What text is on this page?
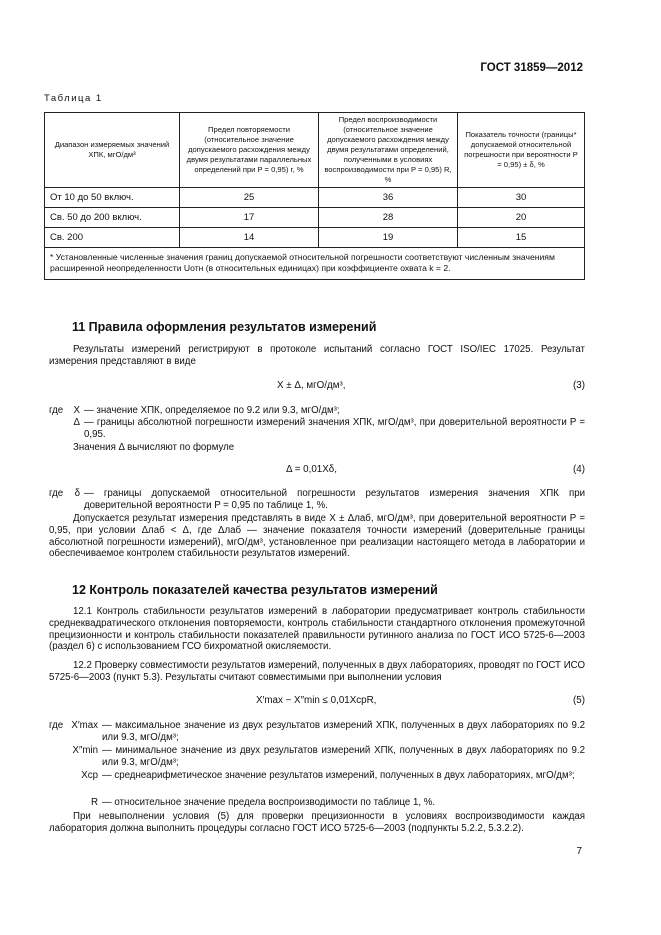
ГОСТ 31859—2012
Таблица 1
Диапазон измеряемых значений ХПК, мгО/дм³	Предел повторяемости (относительное значение допускаемого расхождения между двумя результатами параллельных определений при P = 0,95) r, %	Предел воспроизводимости (относительное значение допускаемого расхождения между двумя результатами определений, полученными в условиях воспроизводимости при P = 0,95) R, %	Показатель точности (границы* допускаемой относительной погрешности при вероятности P = 0,95) ± δ, %
От 10 до 50 включ.	25	36	30
Св. 50 до 200 включ.	17	28	20
Св. 200	14	19	15
* Установленные численные значения границ допускаемой относительной погрешности соответствуют численным значениям расширенной неопределенности Uотн (в относительных единицах) при коэффициенте охвата k = 2.			
11 Правила оформления результатов измерений
Результаты измерений регистрируют в протоколе испытаний согласно ГОСТ ISO/IEC 17025. Результат измерения представляют в виде
X ± Δ, мгО/дм³,	(3)
где	X — значение ХПК, определяемое по 9.2 или 9.3, мгО/дм³;
Δ — границы абсолютной погрешности измерений значения ХПК, мгО/дм³, при доверительной вероятности P = 0,95.
Значения Δ вычисляют по формуле
Δ = 0,01Xδ,	(4)
где	δ — границы допускаемой относительной погрешности результатов измерения значения ХПК при доверительной вероятности P = 0,95 по таблице 1, %.
Допускается результат измерения представлять в виде X ± Δлаб, мгО/дм³, при доверительной вероятности P = 0,95, при условии Δлаб < Δ, где Δлаб — значение показателя точности измерений (доверительные границы абсолютной погрешности измерений), мгО/дм³, установленное при реализации настоящего метода в лаборатории и обеспечиваемое контролем стабильности результатов измерений.
12 Контроль показателей качества результатов измерений
12.1 Контроль стабильности результатов измерений в лаборатории предусматривает контроль стабильности среднеквадратического отклонения повторяемости, контроль стабильности стандартного отклонения промежуточной прецизионности и контроль стабильности показателей правильности рутинного анализа по ГОСТ ИСО 5725-6—2003 (раздел 6) с использованием ГСО бихроматной окисляемости.
12.2 Проверку совместимости результатов измерений, полученных в двух лабораториях, проводят по ГОСТ ИСО 5725-6—2003 (пункт 5.3). Результаты считают совместимыми при выполнении условия
X′max − X″min ≤ 0,01XсрR,	(5)
где X′max — максимальное значение из двух результатов измерений ХПК, полученных в двух лабораториях по 9.2 или 9.3, мгО/дм³;
X″min — минимальное значение из двух результатов измерений ХПК, полученных в двух лабораториях по 9.2 или 9.3, мгО/дм³;
Xср — среднеарифметическое значение результатов измерений, полученных в двух лабораториях, мгО/дм³;
R — относительное значение предела воспроизводимости по таблице 1, %.
При невыполнении условия (5) для проверки прецизионности в условиях воспроизводимости каждая лаборатория должна выполнить процедуры согласно ГОСТ ИСО 5725-6—2003 (подпункты 5.2.2, 5.3.2.2).
7
